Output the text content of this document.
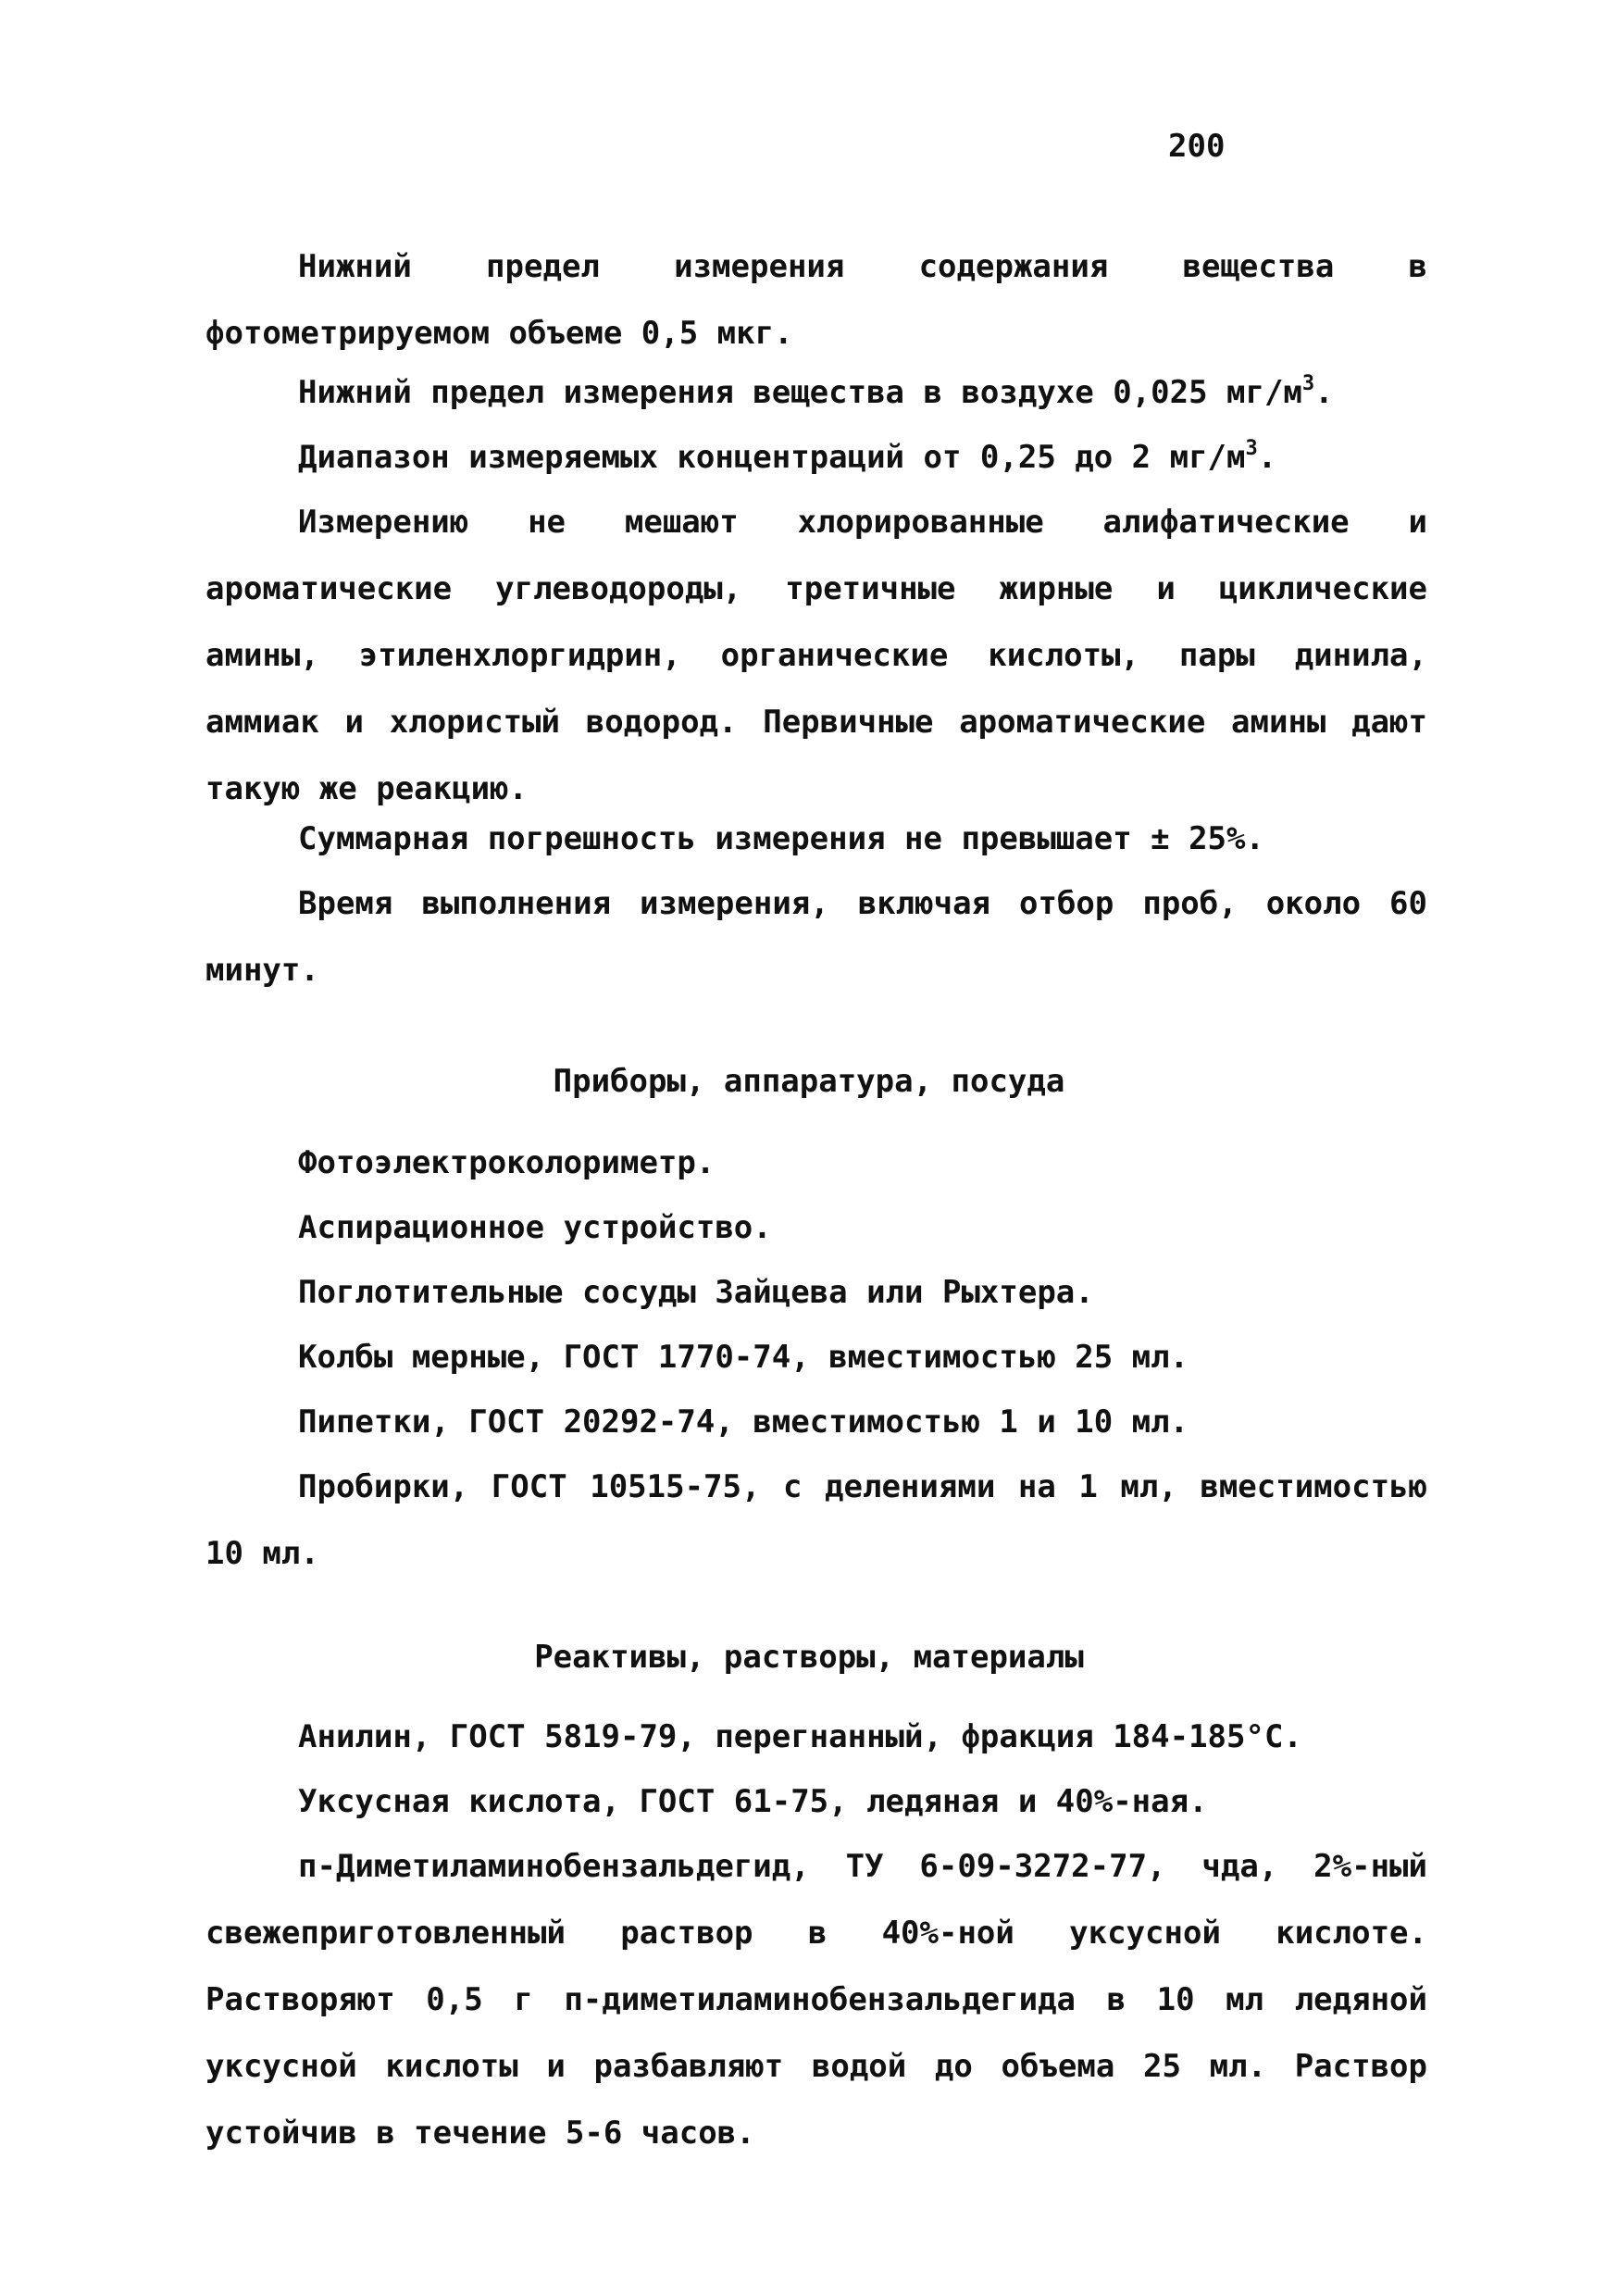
200

Нижний предел измерения содержания вещества в фотометрируемом объеме 0,5 мкг.

Нижний предел измерения вещества в воздухе 0,025 $мг/м^3$.

Диапазон измеряемых концентраций от 0,25 до 2 $мг/м^3$.

Измерению не мешают хлорированные алифатические и ароматические углеводороды, третичные жирные и циклические амины, этиленхлоргидрин, органические кислоты, пары динила, аммиак и хлористый водород. Первичные ароматические амины дают такую же реакцию.

Суммарная погрешность измерения не превышает ± 25%.

Время выполнения измерения, включая отбор проб, около 60 минут.

Приборы, аппаратура, посуда

Фотоэлектроколориметр.

Аспирационное устройство.

Поглотительные сосуды Зайцева или Рыхтера.

Колбы мерные, ГОСТ 1770-74, вместимостью 25 мл.

Пипетки, ГОСТ 20292-74, вместимостью 1 и 10 мл.

Пробирки, ГОСТ 10515-75, с делениями на 1 мл, вместимостью 10 мл.

Реактивы, растворы, материалы

Анилин, ГОСТ 5819-79, перегнанный, фракция 184-185°С.

Уксусная кислота, ГОСТ 61-75, ледяная и 40%-ная.

п-Диметиламинобензальдегид, ТУ 6-09-3272-77, чда, 2%-ный свежеприготовленный раствор в 40%-ной уксусной кислоте. Растворяют 0,5 г п-диметиламинобензальдегида в 10 мл ледяной уксусной кислоты и разбавляют водой до объема 25 мл. Раствор устойчив в течение 5-6 часов.
